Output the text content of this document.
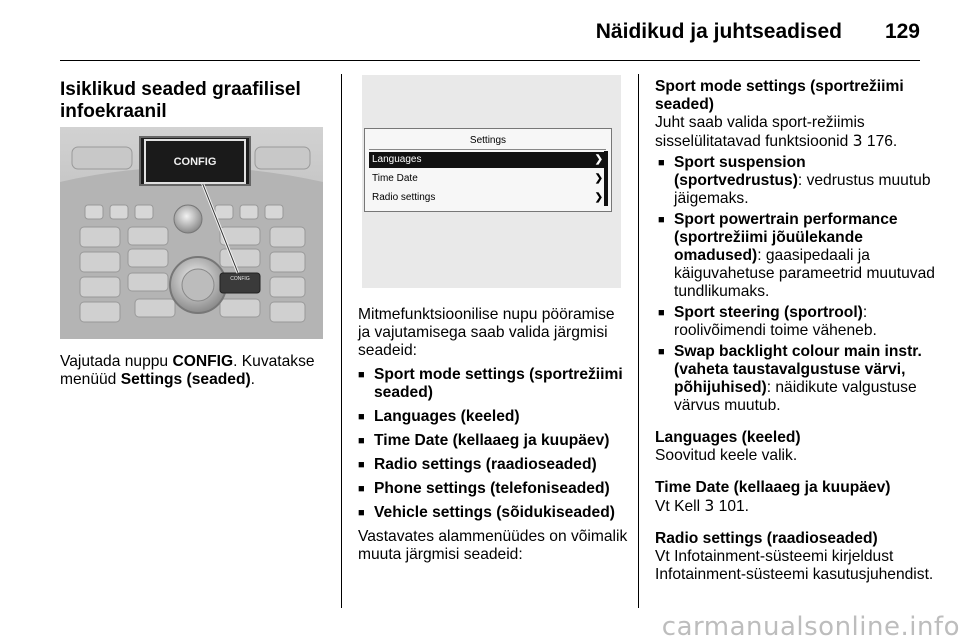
Näidikud ja juhtseadised 129
Isiklikud seaded graafilisel infoekraanil
CONFIG
CONFIG
Vajutada nuppu CONFIG. Kuvatakse menüüd Settings (seaded).
Settings
Languages	❯
Time Date	❯
Radio settings	❯

Mitmefunktsioonilise nupu pööramise ja vajutamisega saab valida järgmisi seadeid:

■ Sport mode settings (sportrežiimi seaded)
■ Languages (keeled)
■ Time Date (kellaaeg ja kuupäev)
■ Radio settings (raadioseaded)
■ Phone settings (telefoniseaded)
■ Vehicle settings (sõidukiseaded)

Vastavates alammenüüdes on võimalik muuta järgmisi seadeid:

Sport mode settings (sportrežiimi seaded)

Juht saab valida sport-režiimis sisselülitatavad funktsioonid 3 176.

■ Sport suspension (sportvedrustus): vedrustus muutub jäigemaks.
■ Sport powertrain performance (sportrežiimi jõuülekande omadused): gaasipedaali ja käiguvahetuse parameetrid muutuvad tundlikumaks.
■ Sport steering (sportrool): roolivõimendi toime väheneb.
■ Swap backlight colour main instr. (vaheta taustavalgustuse värvi, põhijuhised): näidikute valgustuse värvus muutub.

Languages (keeled)

Soovitud keele valik.

Time Date (kellaaeg ja kuupäev)

Vt Kell 3 101.

Radio settings (raadioseaded)

Vt Infotainment-süsteemi kirjeldust Infotainment-süsteemi kasutusjuhendist.

carmanualsonline.info
